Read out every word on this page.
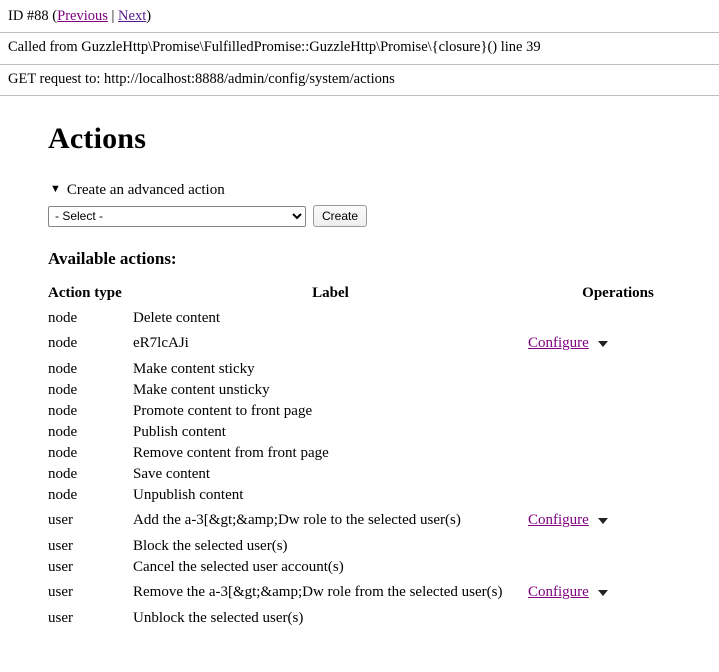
ID #88 (Previous | Next)
Called from GuzzleHttp\Promise\FulfilledPromise::GuzzleHttp\Promise\{closure}() line 39
GET request to: http://localhost:8888/admin/config/system/actions
Actions
▼ Create an advanced action
- Select -
Create
Available actions:
Action type	Label	Operations
node	Delete content	
node	eR7lcAJi	Configure

node	Make content sticky	
node	Make content unsticky	
node	Promote content to front page	
node	Publish content	
node	Remove content from front page	
node	Save content	
node	Unpublish content	
user	Add the a-3[&gt;&amp;Dw role to the selected user(s)	Configure

user	Block the selected user(s)	
user	Cancel the selected user account(s)	
user	Remove the a-3[&gt;&amp;Dw role from the selected user(s)	Configure

user	Unblock the selected user(s)	
